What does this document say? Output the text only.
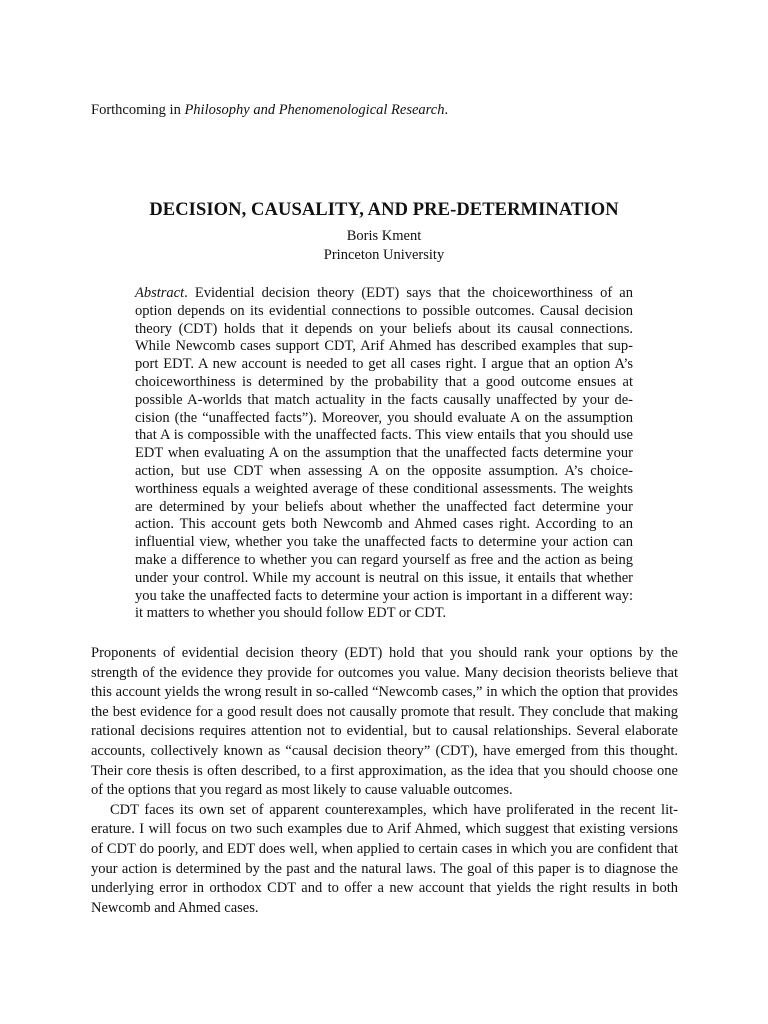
Forthcoming in Philosophy and Phenomenological Research.
DECISION, CAUSALITY, AND PRE-DETERMINATION
Boris Kment
Princeton University
Abstract. Evidential decision theory (EDT) says that the choiceworthiness of an option depends on its evidential connections to possible outcomes. Causal decision theory (CDT) holds that it depends on your beliefs about its causal connections. While Newcomb cases support CDT, Arif Ahmed has described examples that support EDT. A new account is needed to get all cases right. I argue that an option A’s choiceworthiness is determined by the probability that a good outcome ensues at possible A-worlds that match actuality in the facts causally unaffected by your decision (the “unaffected facts”). Moreover, you should evaluate A on the assumption that A is compossible with the unaffected facts. This view entails that you should use EDT when evaluating A on the assumption that the unaffected facts determine your action, but use CDT when assessing A on the opposite assumption. A’s choiceworthiness equals a weighted average of these conditional assessments. The weights are determined by your beliefs about whether the unaffected fact determine your action. This account gets both Newcomb and Ahmed cases right. According to an influential view, whether you take the unaffected facts to determine your action can make a difference to whether you can regard yourself as free and the action as being under your control. While my account is neutral on this issue, it entails that whether you take the unaffected facts to determine your action is important in a different way: it matters to whether you should follow EDT or CDT.

Proponents of evidential decision theory (EDT) hold that you should rank your options by the strength of the evidence they provide for outcomes you value. Many decision theorists believe that this account yields the wrong result in so-called “Newcomb cases,” in which the option that provides the best evidence for a good result does not causally promote that result. They conclude that making rational decisions requires attention not to evidential, but to causal relationships. Several elaborate accounts, collectively known as “causal decision theory” (CDT), have emerged from this thought. Their core thesis is often described, to a first approximation, as the idea that you should choose one of the options that you regard as most likely to cause valuable outcomes.

CDT faces its own set of apparent counterexamples, which have proliferated in the recent literature. I will focus on two such examples due to Arif Ahmed, which suggest that existing versions of CDT do poorly, and EDT does well, when applied to certain cases in which you are confident that your action is determined by the past and the natural laws. The goal of this paper is to diagnose the underlying error in orthodox CDT and to offer a new account that yields the right results in both Newcomb and Ahmed cases.
